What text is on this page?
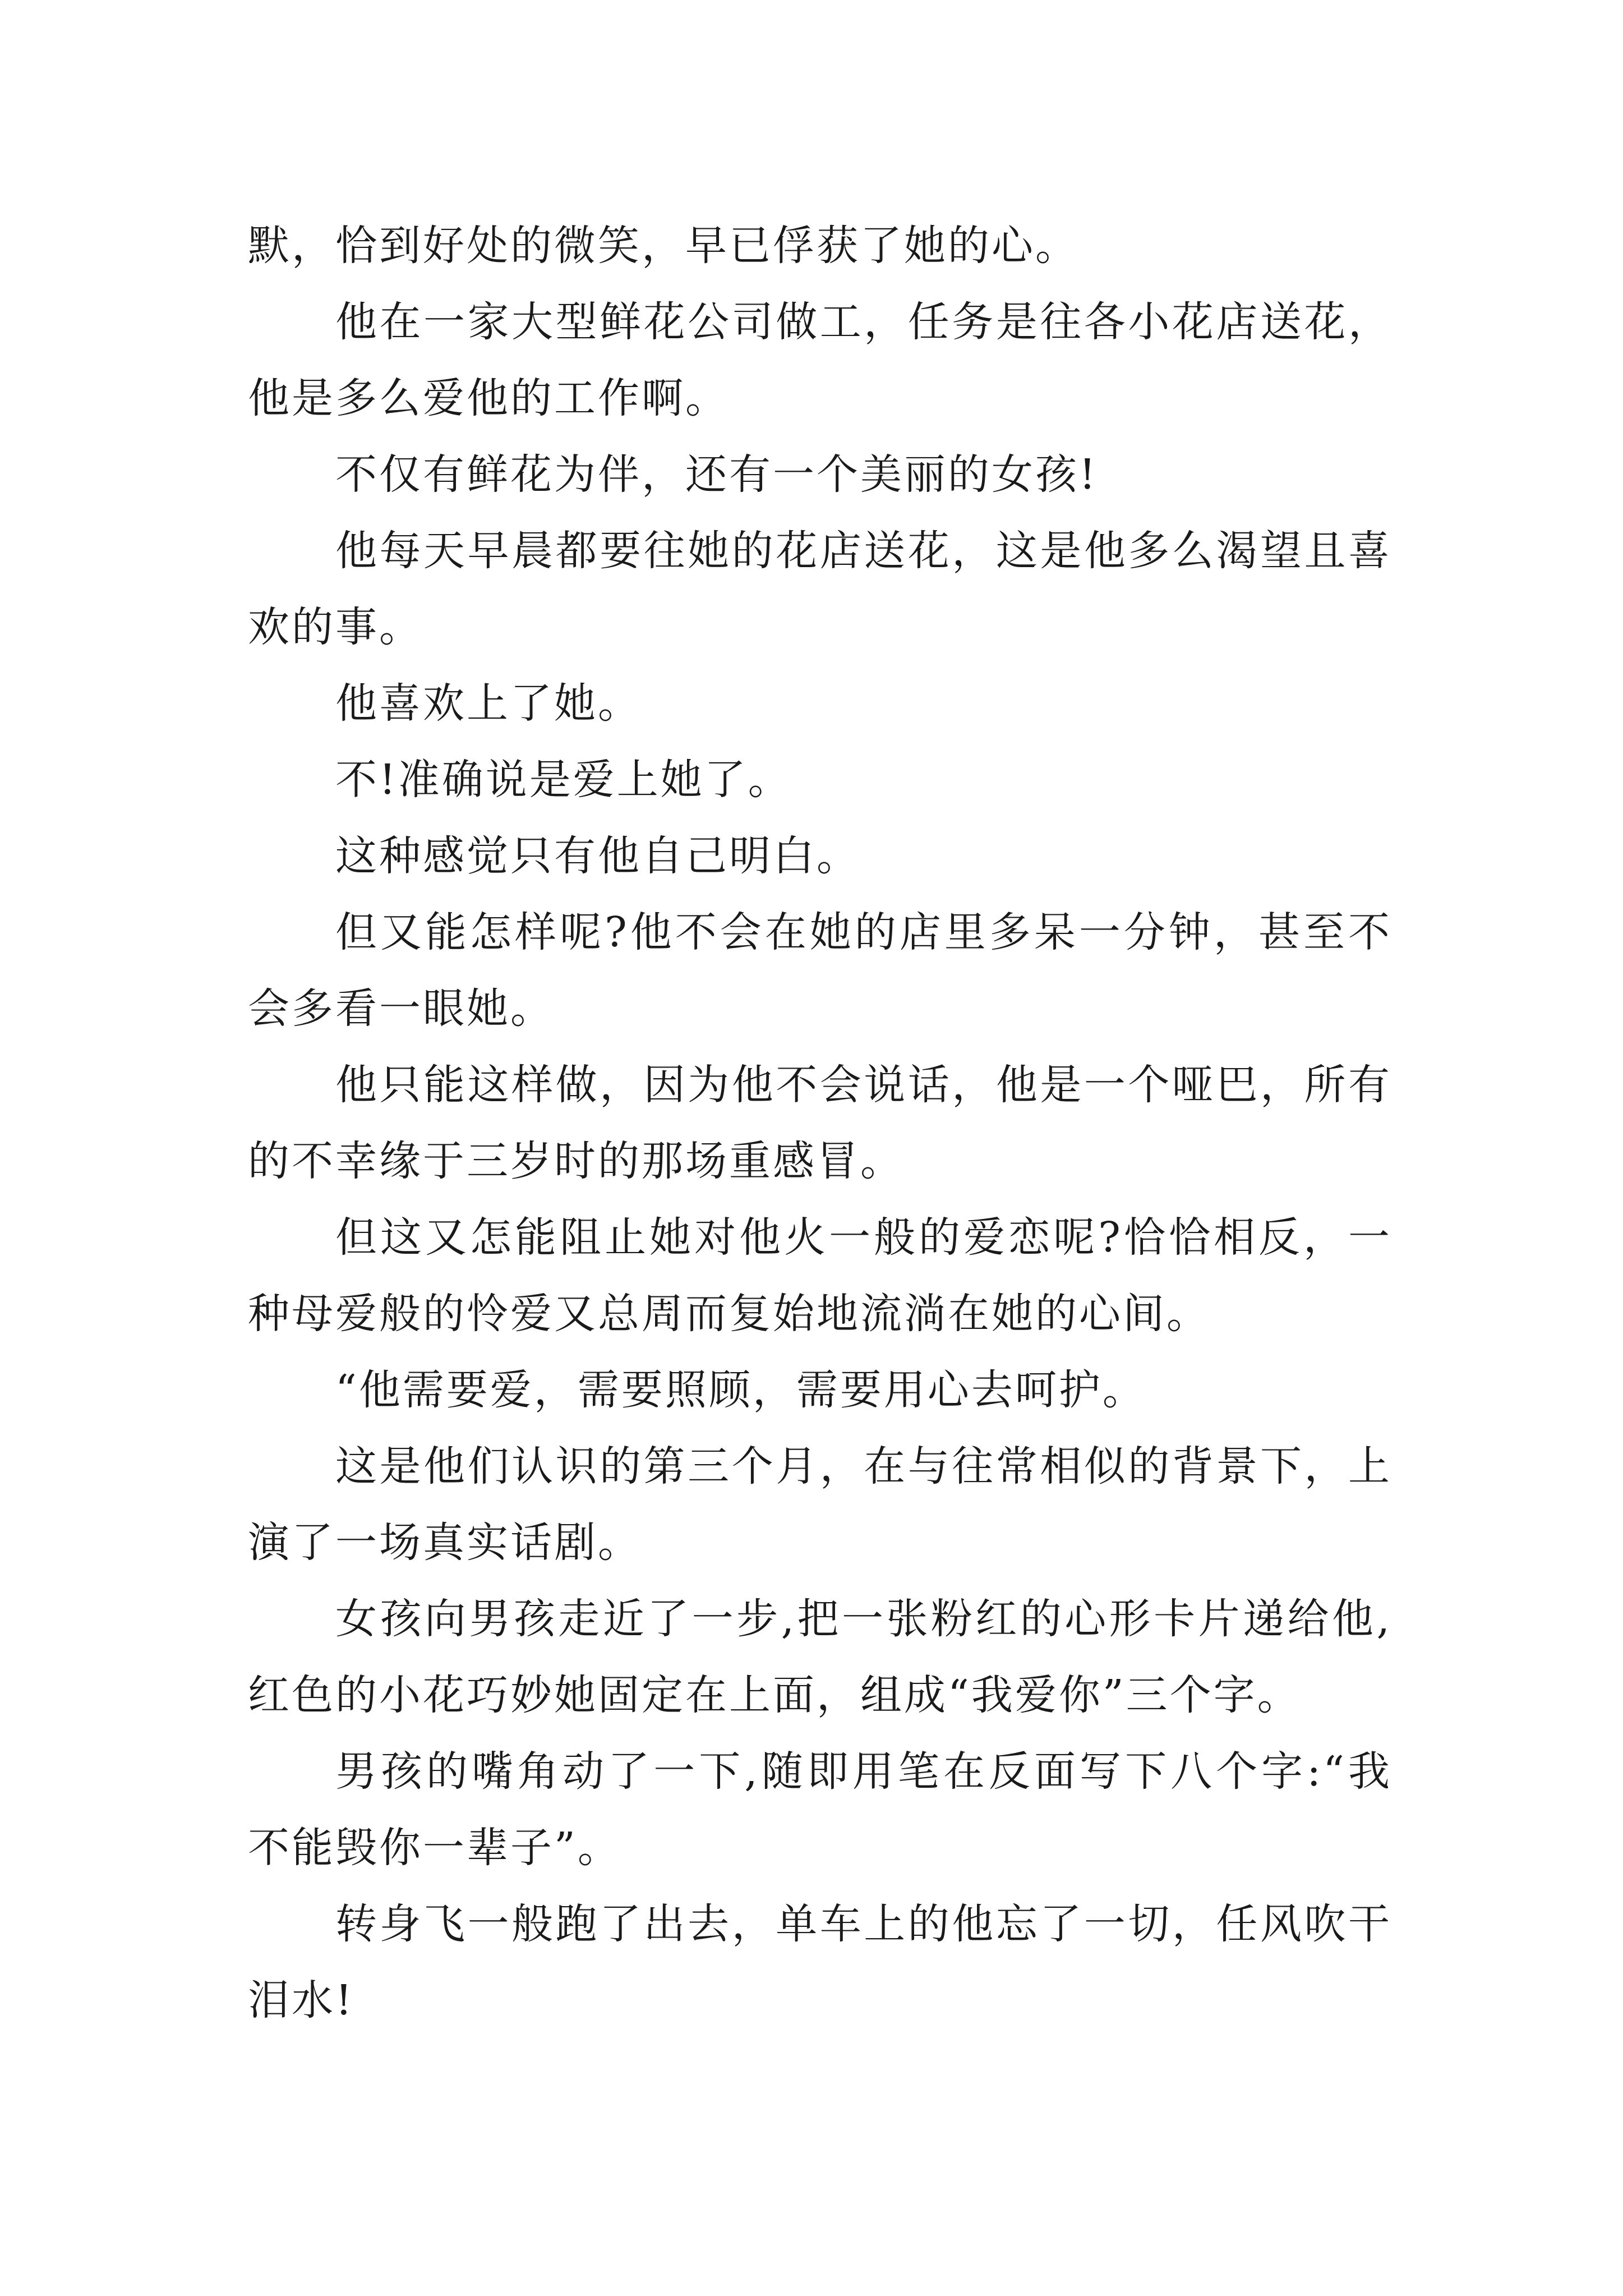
默，恰到好处的微笑，早已俘获了她的心。

他在一家大型鲜花公司做工，任务是往各小花店送花，他是多么爱他的工作啊。

不仅有鲜花为伴，还有一个美丽的女孩!

他每天早晨都要往她的花店送花，这是他多么渴望且喜欢的事。

他喜欢上了她。

不!准确说是爱上她了。

这种感觉只有他自己明白。

但又能怎样呢?他不会在她的店里多呆一分钟，甚至不会多看一眼她。

他只能这样做，因为他不会说话，他是一个哑巴，所有的不幸缘于三岁时的那场重感冒。

但这又怎能阻止她对他火一般的爱恋呢?恰恰相反，一种母爱般的怜爱又总周而复始地流淌在她的心间。

“他需要爱，需要照顾，需要用心去呵护。

这是他们认识的第三个月，在与往常相似的背景下，上演了一场真实话剧。

女孩向男孩走近了一步,把一张粉红的心形卡片递给他,红色的小花巧妙她固定在上面，组成“我爱你”三个字。

男孩的嘴角动了一下,随即用笔在反面写下八个字:“我不能毁你一辈子”。

转身飞一般跑了出去，单车上的他忘了一切，任风吹干泪水!
